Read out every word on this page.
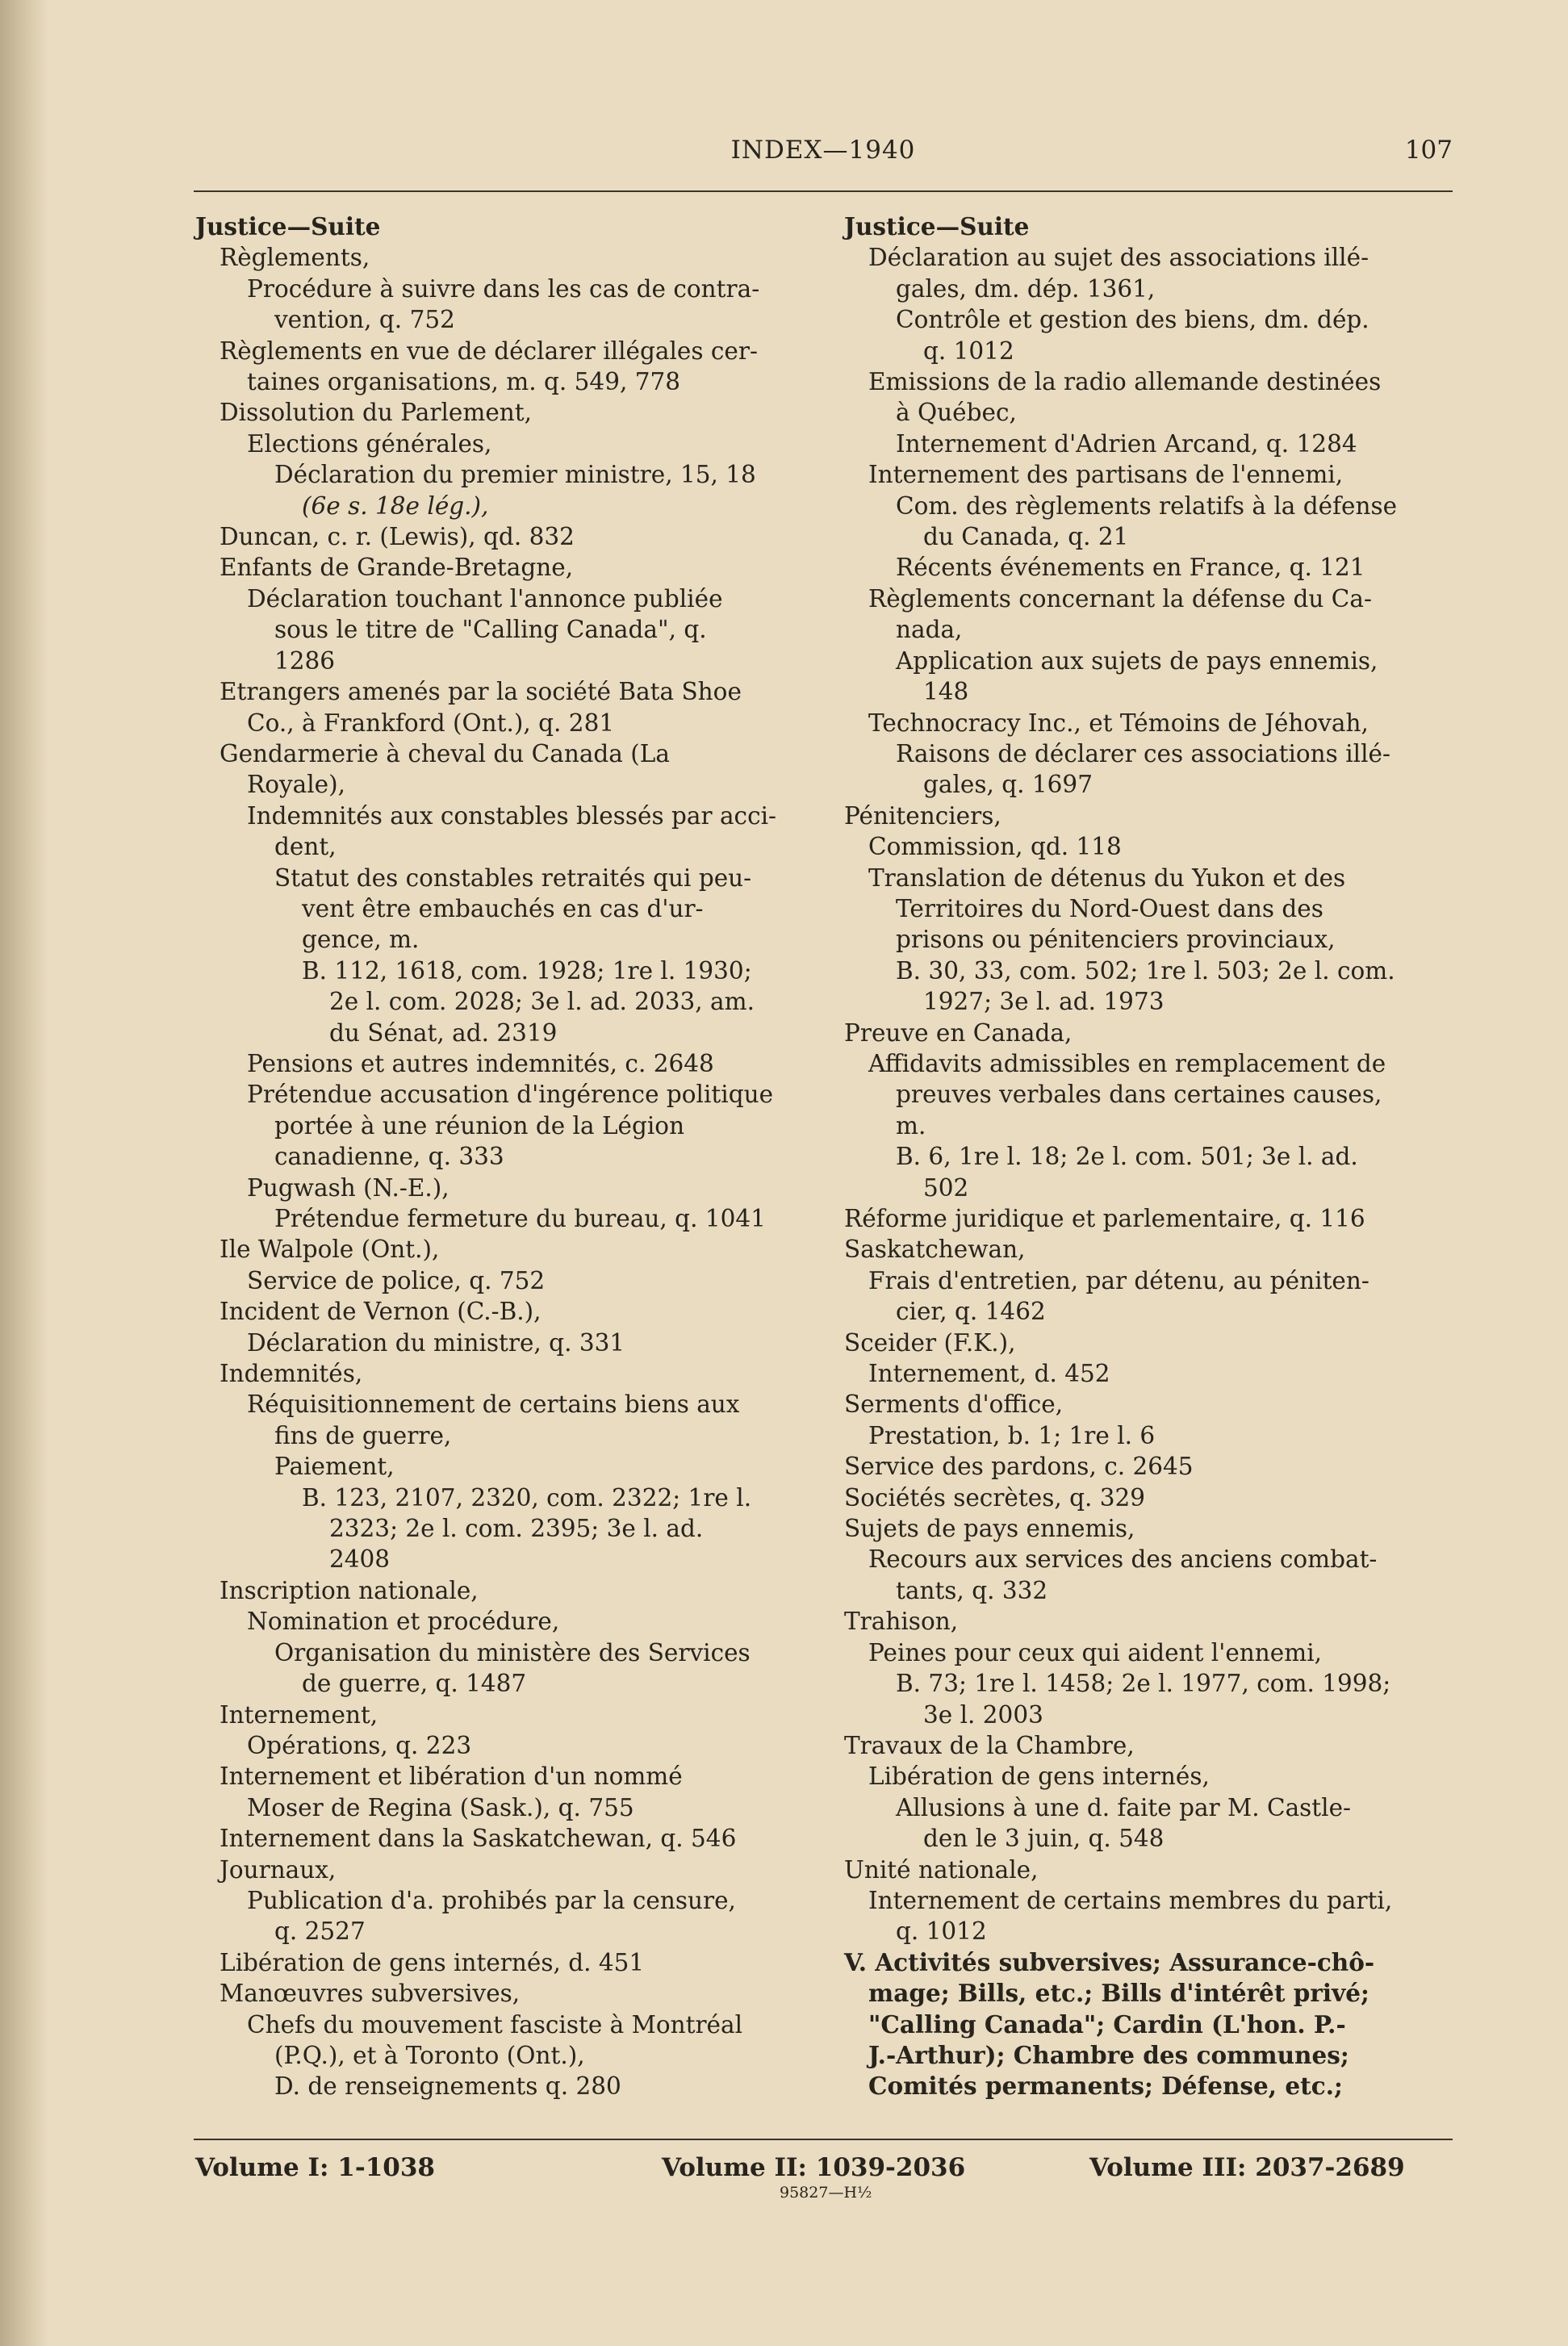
INDEX—1940	107
Justice—Suite
Règlements,
Procédure à suivre dans les cas de contra-
vention, q. 752
Règlements en vue de déclarer illégales cer-
taines organisations, m. q. 549, 778
Dissolution du Parlement,
Elections générales,
Déclaration du premier ministre, 15, 18
(6e s. 18e lég.),
Duncan, c. r. (Lewis), qd. 832
Enfants de Grande-Bretagne,
Déclaration touchant l'annonce publiée
sous le titre de "Calling Canada", q.
1286
Etrangers amenés par la société Bata Shoe
Co., à Frankford (Ont.), q. 281
Gendarmerie à cheval du Canada (La
Royale),
Indemnités aux constables blessés par acci-
dent,
Statut des constables retraités qui peu-
vent être embauchés en cas d'ur-
gence, m.
B. 112, 1618, com. 1928; 1re l. 1930;
2e l. com. 2028; 3e l. ad. 2033, am.
du Sénat, ad. 2319
Pensions et autres indemnités, c. 2648
Prétendue accusation d'ingérence politique
portée à une réunion de la Légion
canadienne, q. 333
Pugwash (N.-E.),
Prétendue fermeture du bureau, q. 1041
Ile Walpole (Ont.),
Service de police, q. 752
Incident de Vernon (C.-B.),
Déclaration du ministre, q. 331
Indemnités,
Réquisitionnement de certains biens aux
fins de guerre,
Paiement,
B. 123, 2107, 2320, com. 2322; 1re l.
2323; 2e l. com. 2395; 3e l. ad.
2408
Inscription nationale,
Nomination et procédure,
Organisation du ministère des Services
de guerre, q. 1487
Internement,
Opérations, q. 223
Internement et libération d'un nommé
Moser de Regina (Sask.), q. 755
Internement dans la Saskatchewan, q. 546
Journaux,
Publication d'a. prohibés par la censure,
q. 2527
Libération de gens internés, d. 451
Manœuvres subversives,
Chefs du mouvement fasciste à Montréal
(P.Q.), et à Toronto (Ont.),
D. de renseignements q. 280
Justice—Suite
Déclaration au sujet des associations illé-
gales, dm. dép. 1361,
Contrôle et gestion des biens, dm. dép.
q. 1012
Emissions de la radio allemande destinées
à Québec,
Internement d'Adrien Arcand, q. 1284
Internement des partisans de l'ennemi,
Com. des règlements relatifs à la défense
du Canada, q. 21
Récents événements en France, q. 121
Règlements concernant la défense du Ca-
nada,
Application aux sujets de pays ennemis,
148
Technocracy Inc., et Témoins de Jéhovah,
Raisons de déclarer ces associations illé-
gales, q. 1697
Pénitenciers,
Commission, qd. 118
Translation de détenus du Yukon et des
Territoires du Nord-Ouest dans des
prisons ou pénitenciers provinciaux,
B. 30, 33, com. 502; 1re l. 503; 2e l. com.
1927; 3e l. ad. 1973
Preuve en Canada,
Affidavits admissibles en remplacement de
preuves verbales dans certaines causes,
m.
B. 6, 1re l. 18; 2e l. com. 501; 3e l. ad.
502
Réforme juridique et parlementaire, q. 116
Saskatchewan,
Frais d'entretien, par détenu, au péniten-
cier, q. 1462
Sceider (F.K.),
Internement, d. 452
Serments d'office,
Prestation, b. 1; 1re l. 6
Service des pardons, c. 2645
Sociétés secrètes, q. 329
Sujets de pays ennemis,
Recours aux services des anciens combat-
tants, q. 332
Trahison,
Peines pour ceux qui aident l'ennemi,
B. 73; 1re l. 1458; 2e l. 1977, com. 1998;
3e l. 2003
Travaux de la Chambre,
Libération de gens internés,
Allusions à une d. faite par M. Castle-
den le 3 juin, q. 548
Unité nationale,
Internement de certains membres du parti,
q. 1012
V. Activités subversives; Assurance-chô-
mage; Bills, etc.; Bills d'intérêt privé;
"Calling Canada"; Cardin (L'hon. P.-
J.-Arthur); Chambre des communes;
Comités permanents; Défense, etc.;
Volume I: 1-1038	Volume II: 1039-2036	Volume III: 2037-2689
95827—H½
